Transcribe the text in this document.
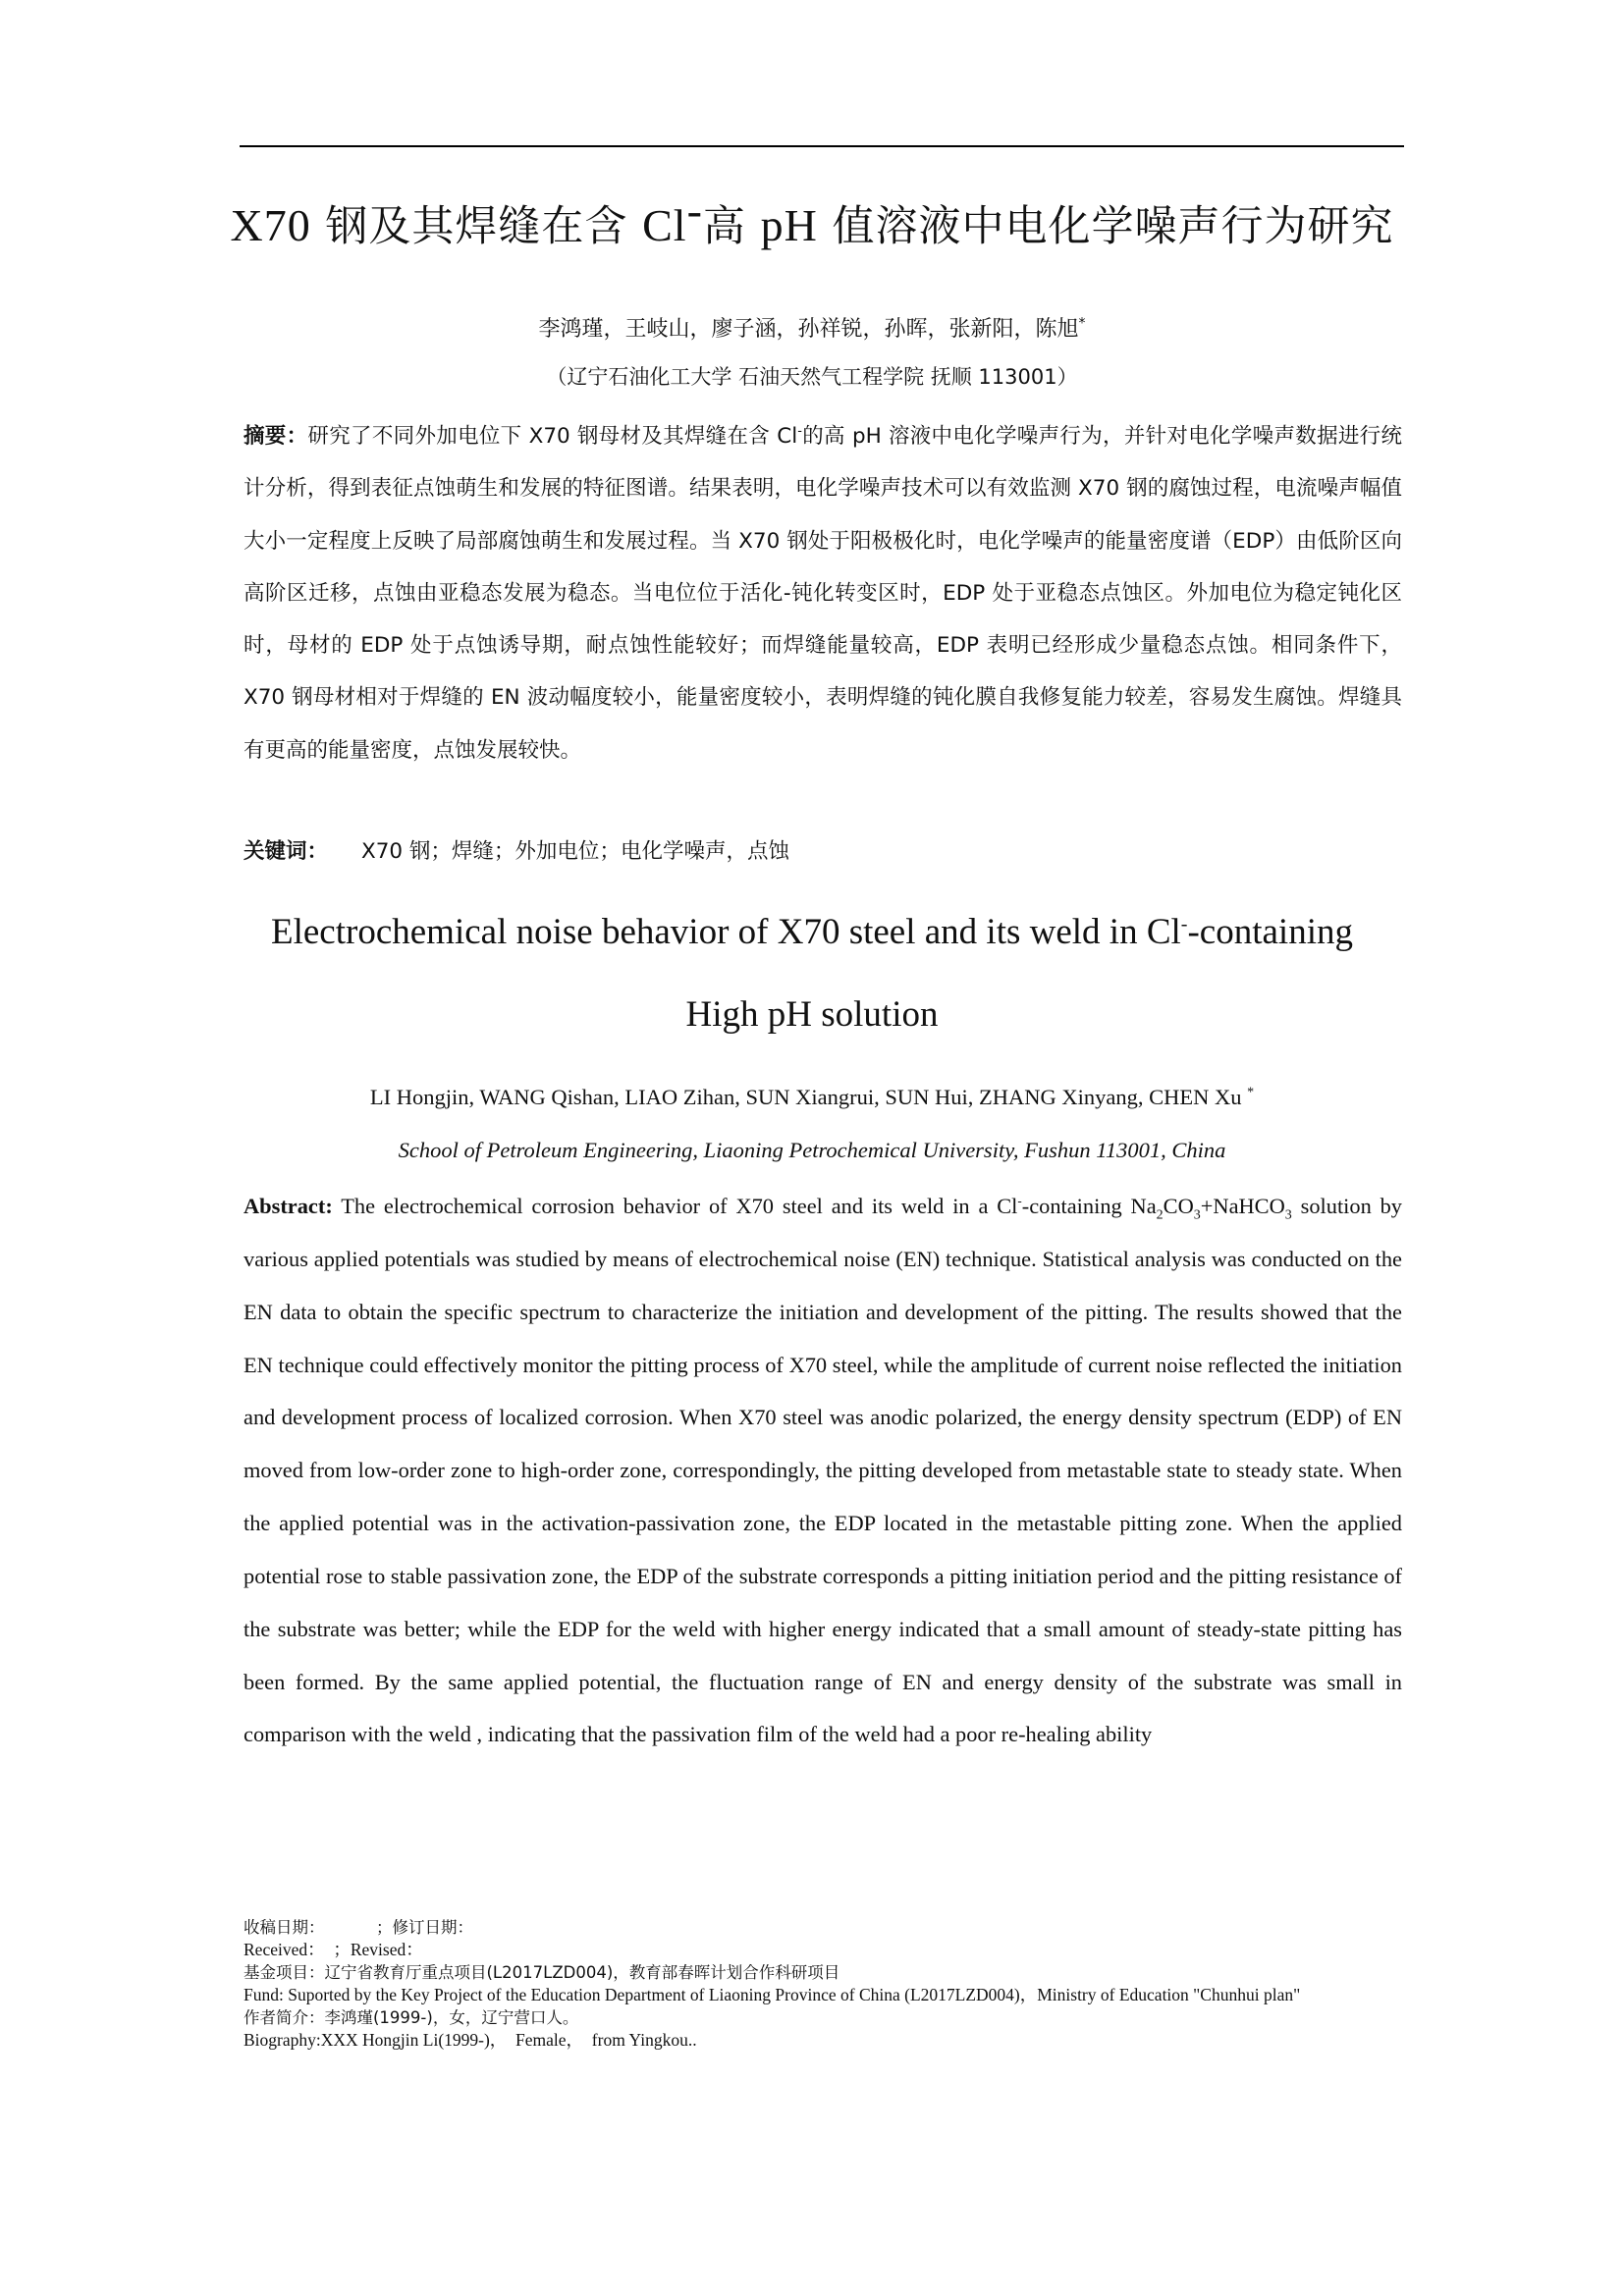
X70 钢及其焊缝在含 Cl-高 pH 值溶液中电化学噪声行为研究
李鸿瑾，王岐山，廖子涵，孙祥锐，孙晖，张新阳，陈旭*
（辽宁石油化工大学 石油天然气工程学院 抚顺 113001）

摘要：研究了不同外加电位下 X70 钢母材及其焊缝在含 Cl-的高 pH 溶液中电化学噪声行为，并针对电化学噪声数据进行统计分析，得到表征点蚀萌生和发展的特征图谱。结果表明，电化学噪声技术可以有效监测 X70 钢的腐蚀过程，电流噪声幅值大小一定程度上反映了局部腐蚀萌生和发展过程。当 X70 钢处于阳极极化时，电化学噪声的能量密度谱（EDP）由低阶区向高阶区迁移，点蚀由亚稳态发展为稳态。当电位位于活化-钝化转变区时，EDP 处于亚稳态点蚀区。外加电位为稳定钝化区时，母材的 EDP 处于点蚀诱导期，耐点蚀性能较好；而焊缝能量较高，EDP 表明已经形成少量稳态点蚀。相同条件下，X70 钢母材相对于焊缝的 EN 波动幅度较小，能量密度较小，表明焊缝的钝化膜自我修复能力较差，容易发生腐蚀。焊缝具有更高的能量密度，点蚀发展较快。

关键词： X70 钢；焊缝；外加电位；电化学噪声，点蚀
Electrochemical noise behavior of X70 steel and its weld in Cl--containing
High pH solution
LI Hongjin, WANG Qishan, LIAO Zihan, SUN Xiangrui, SUN Hui, ZHANG Xinyang, CHEN Xu *
School of Petroleum Engineering, Liaoning Petrochemical University, Fushun 113001, China

Abstract: The electrochemical corrosion behavior of X70 steel and its weld in a Cl--containing $Na_2CO_3+NaHCO_3$ solution by various applied potentials was studied by means of electrochemical noise (EN) technique. Statistical analysis was conducted on the EN data to obtain the specific spectrum to characterize the initiation and development of the pitting. The results showed that the EN technique could effectively monitor the pitting process of X70 steel, while the amplitude of current noise reflected the initiation and development process of localized corrosion. When X70 steel was anodic polarized, the energy density spectrum (EDP) of EN moved from low-order zone to high-order zone, correspondingly, the pitting developed from metastable state to steady state. When the applied potential was in the activation-passivation zone, the EDP located in the metastable pitting zone. When the applied potential rose to stable passivation zone, the EDP of the substrate corresponds a pitting initiation period and the pitting resistance of the substrate was better; while the EDP for the weld with higher energy indicated that a small amount of steady-state pitting has been formed. By the same applied potential, the fluctuation range of EN and energy density of the substrate was small in comparison with the weld , indicating that the passivation film of the weld had a poor re-healing ability

收稿日期：          ；修订日期：
Received：  ；Revised：
基金项目：辽宁省教育厅重点项目(L2017LZD004)，教育部春晖计划合作科研项目
Fund: Suported by the Key Project of the Education Department of Liaoning Province of China (L2017LZD004)，Ministry of Education "Chunhui plan"
作者简介：李鸿瑾(1999-)，女，辽宁营口人。
Biography:XXX Hongjin Li(1999-)，  Female，  from Yingkou..
